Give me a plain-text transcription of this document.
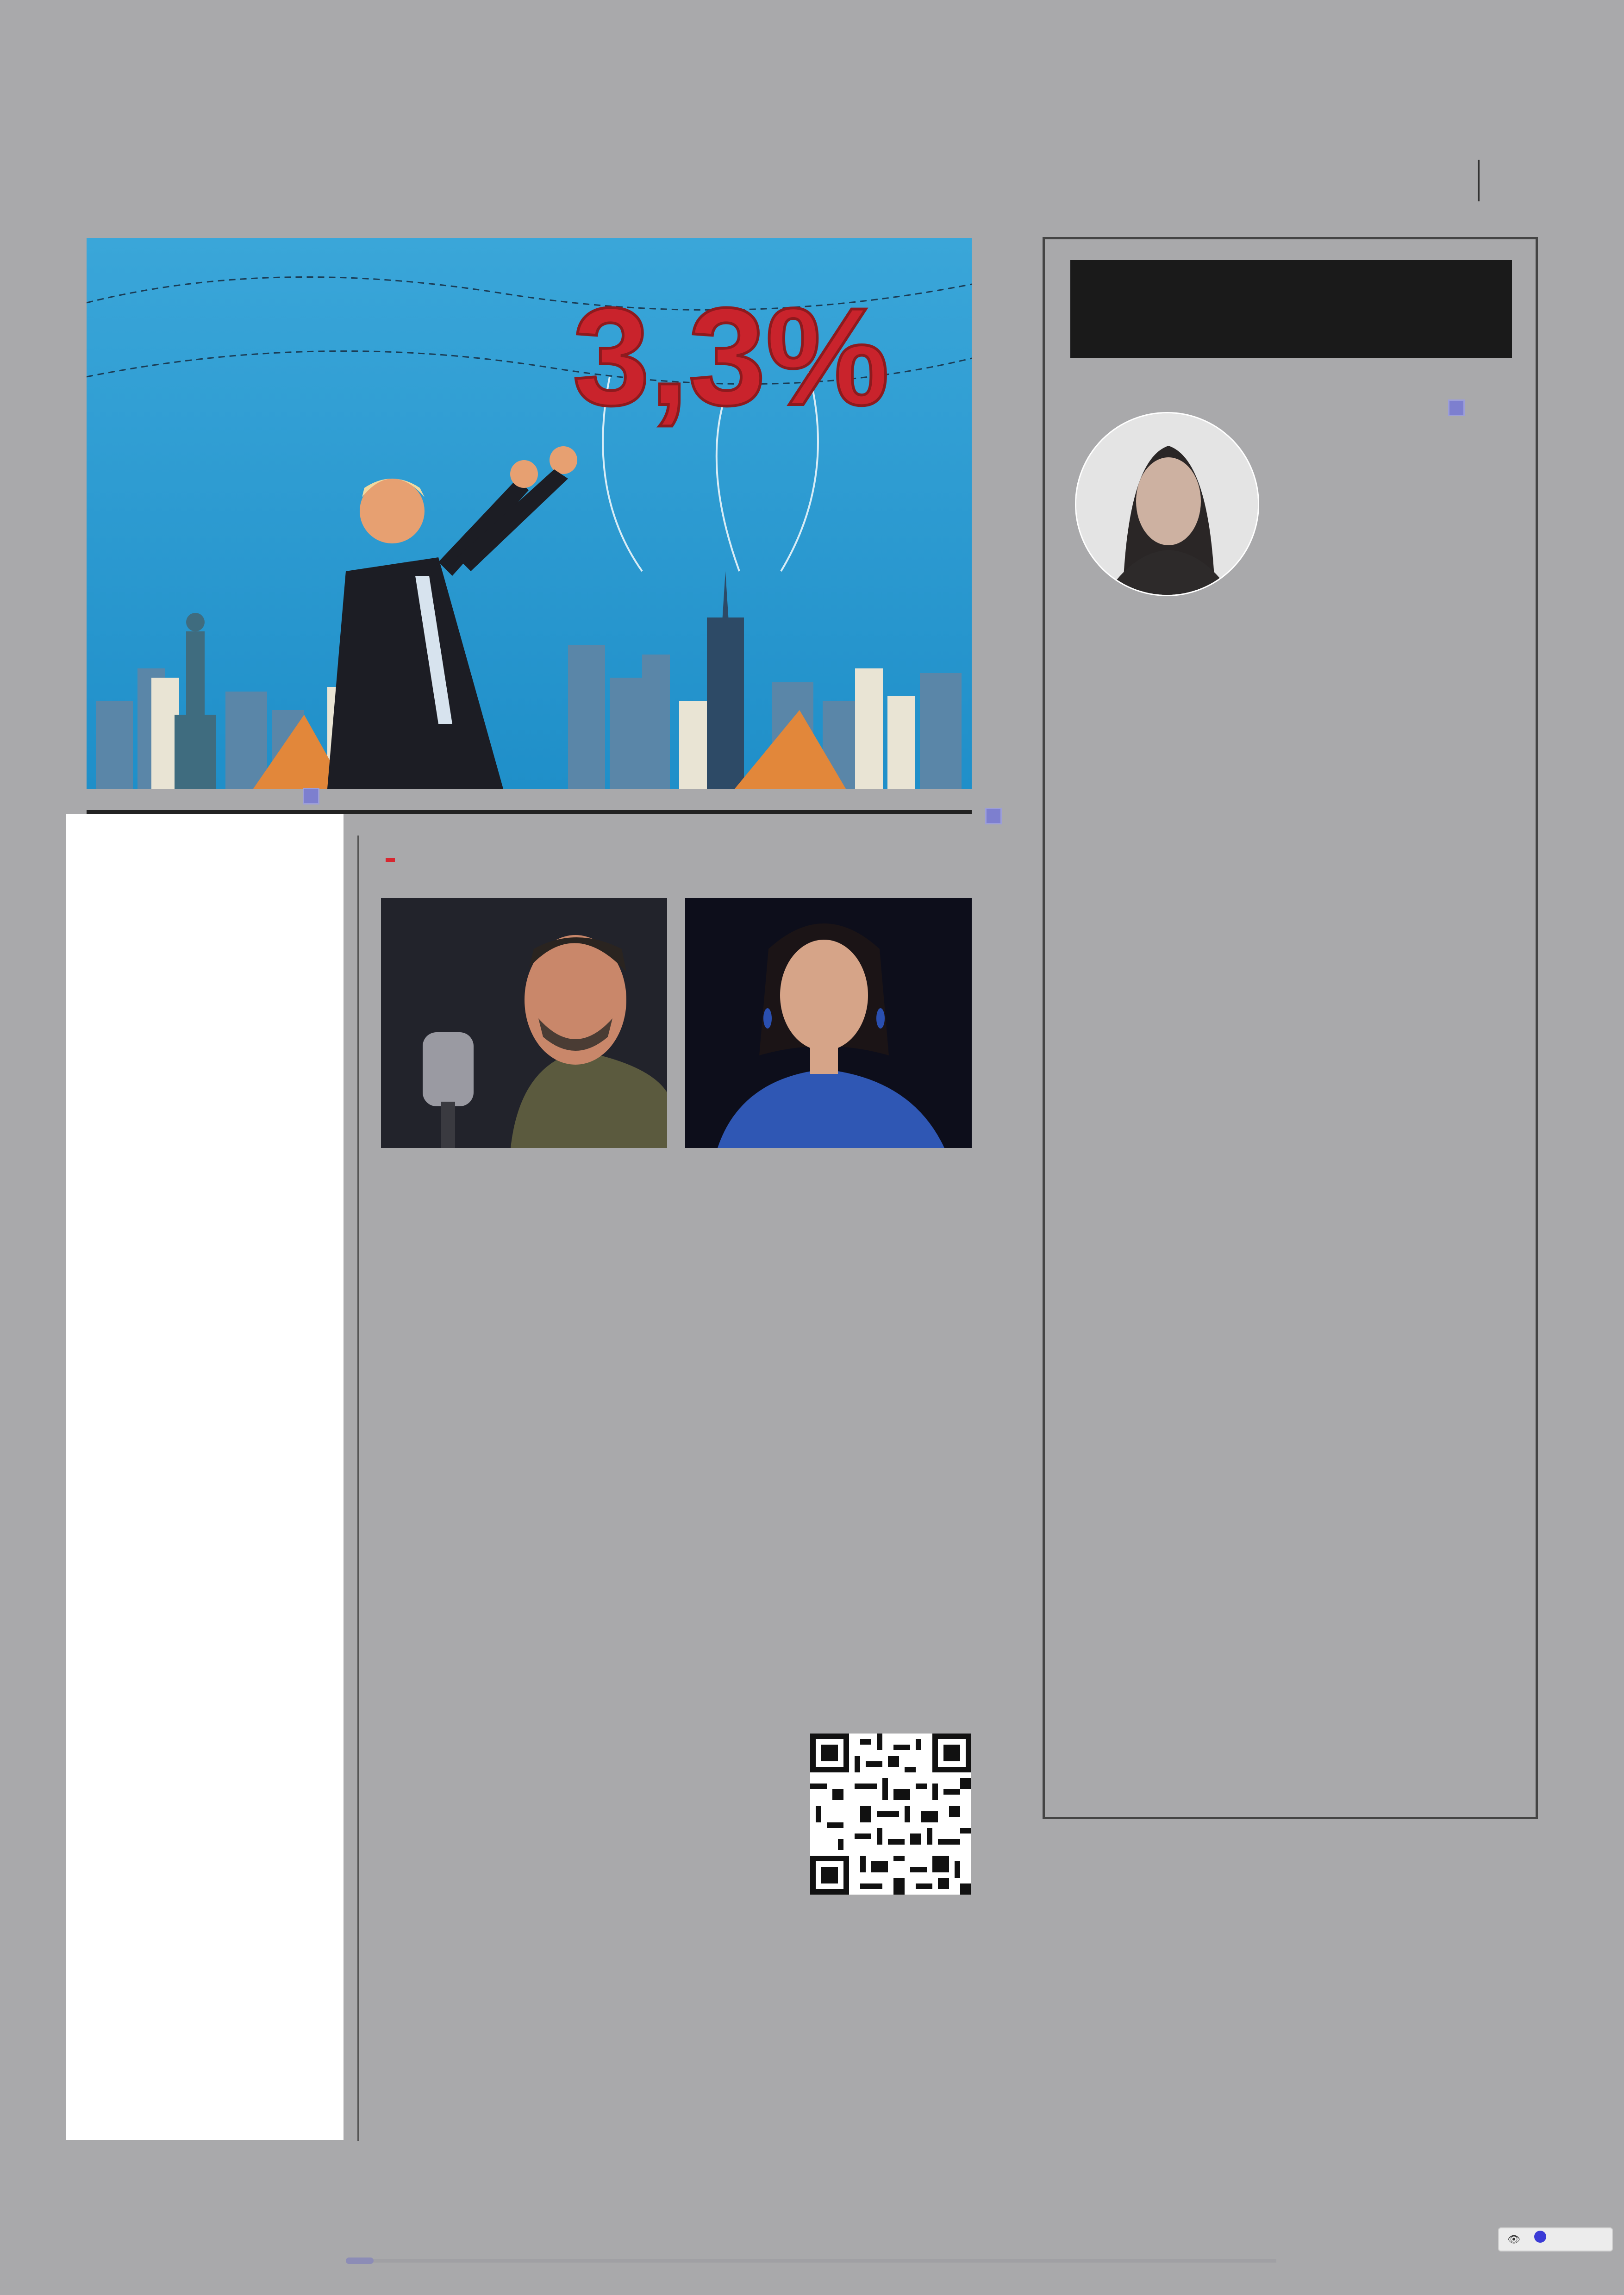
3,3%
👁
